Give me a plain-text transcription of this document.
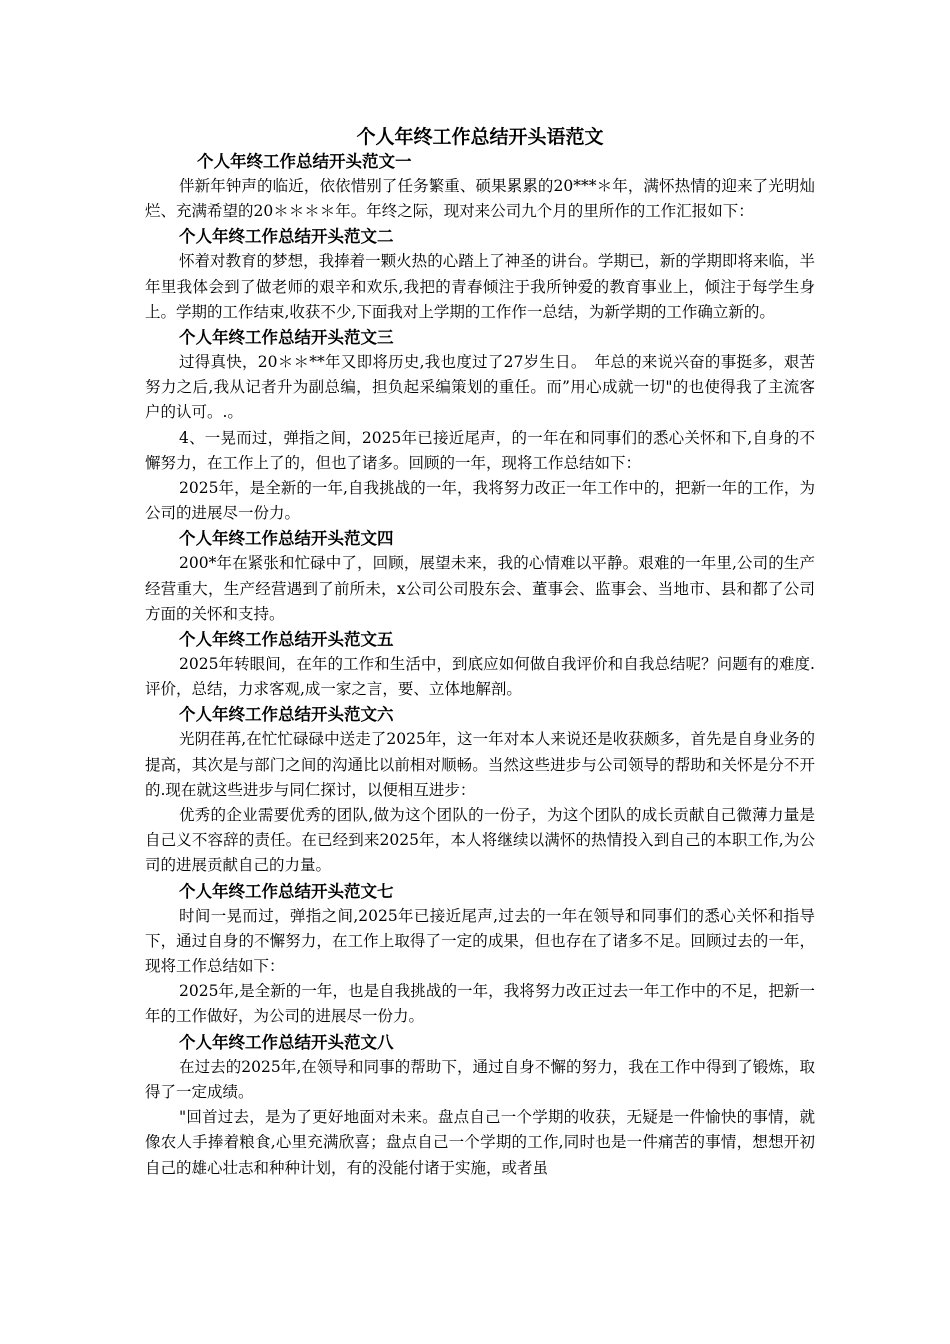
个人年终工作总结开头语范文
个人年终工作总结开头范文一

伴新年钟声的临近，依依惜别了任务繁重、硕果累累的20***＊年，满怀热情的迎来了光明灿烂、充满希望的20＊＊＊＊年。年终之际，现对来公司九个月的里所作的工作汇报如下：

个人年终工作总结开头范文二

怀着对教育的梦想，我捧着一颗火热的心踏上了神圣的讲台。学期已，新的学期即将来临，半年里我体会到了做老师的艰辛和欢乐,我把的青春倾注于我所钟爱的教育事业上，倾注于每学生身上。学期的工作结束,收获不少,下面我对上学期的工作作一总结，为新学期的工作确立新的。

个人年终工作总结开头范文三

过得真快，20＊＊**年又即将历史,我也度过了27岁生日。　年总的来说兴奋的事挺多，艰苦努力之后,我从记者升为副总编，担负起采编策划的重任。而”用心成就一切"的也使得我了主流客户的认可。.。

4、一晃而过，弹指之间，2025年已接近尾声，的一年在和同事们的悉心关怀和下,自身的不懈努力，在工作上了的，但也了诸多。回顾的一年，现将工作总结如下：

2025年，是全新的一年,自我挑战的一年，我将努力改正一年工作中的，把新一年的工作，为公司的进展尽一份力。

个人年终工作总结开头范文四

200*年在紧张和忙碌中了，回顾，展望未来，我的心情难以平静。艰难的一年里,公司的生产经营重大，生产经营遇到了前所未，x公司公司股东会、董事会、监事会、当地市、县和都了公司方面的关怀和支持。

个人年终工作总结开头范文五

2025年转眼间，在年的工作和生活中，到底应如何做自我评价和自我总结呢？问题有的难度.评价，总结，力求客观,成一家之言，要、立体地解剖。

个人年终工作总结开头范文六

光阴荏苒,在忙忙碌碌中送走了2025年，这一年对本人来说还是收获颇多，首先是自身业务的提高，其次是与部门之间的沟通比以前相对顺畅。当然这些进步与公司领导的帮助和关怀是分不开的.现在就这些进步与同仁探讨，以便相互进步：

优秀的企业需要优秀的团队,做为这个团队的一份子，为这个团队的成长贡献自己微薄力量是自己义不容辞的责任。在已经到来2025年，本人将继续以满怀的热情投入到自己的本职工作,为公司的进展贡献自己的力量。

个人年终工作总结开头范文七

时间一晃而过，弹指之间,2025年已接近尾声,过去的一年在领导和同事们的悉心关怀和指导下，通过自身的不懈努力，在工作上取得了一定的成果，但也存在了诸多不足。回顾过去的一年，现将工作总结如下：

2025年,是全新的一年，也是自我挑战的一年，我将努力改正过去一年工作中的不足，把新一年的工作做好，为公司的进展尽一份力。

个人年终工作总结开头范文八

在过去的2025年,在领导和同事的帮助下，通过自身不懈的努力，我在工作中得到了锻炼，取得了一定成绩。

"回首过去，是为了更好地面对未来。盘点自己一个学期的收获，无疑是一件愉快的事情，就像农人手捧着粮食,心里充满欣喜；盘点自己一个学期的工作,同时也是一件痛苦的事情，想想开初自己的雄心壮志和种种计划，有的没能付诸于实施，或者虽
